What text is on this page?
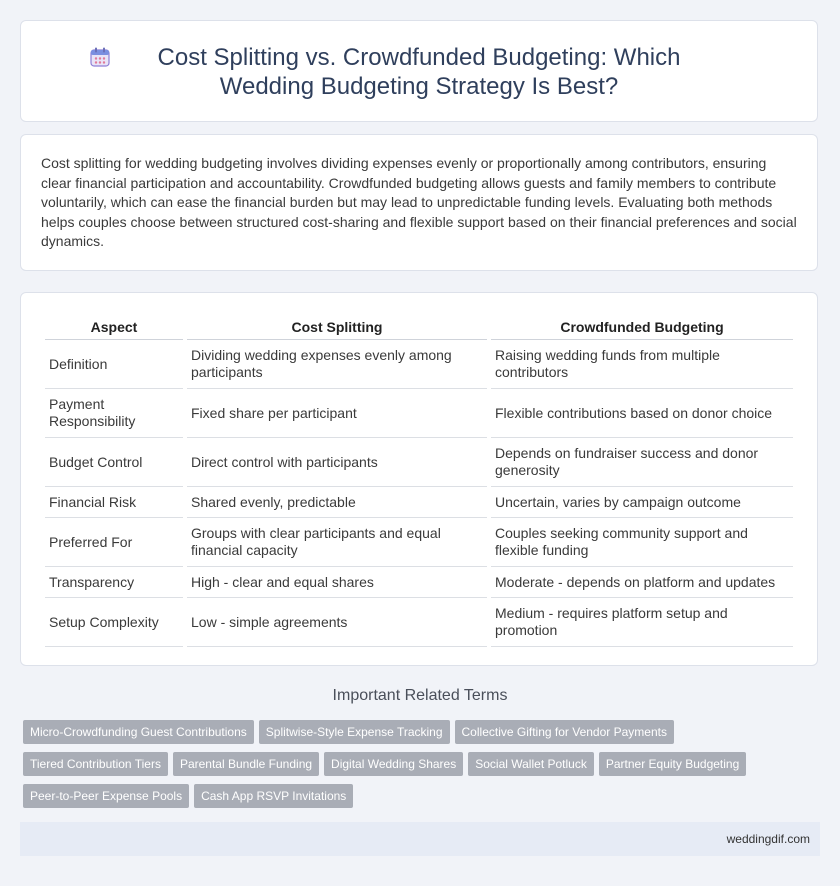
Cost Splitting vs. Crowdfunded Budgeting: Which Wedding Budgeting Strategy Is Best?

Cost splitting for wedding budgeting involves dividing expenses evenly or proportionally among contributors, ensuring clear financial participation and accountability. Crowdfunded budgeting allows guests and family members to contribute voluntarily, which can ease the financial burden but may lead to unpredictable funding levels. Evaluating both methods helps couples choose between structured cost-sharing and flexible support based on their financial preferences and social dynamics.

Aspect	Cost Splitting	Crowdfunded Budgeting
Definition	Dividing wedding expenses evenly among participants	Raising wedding funds from multiple contributors
Payment Responsibility	Fixed share per participant	Flexible contributions based on donor choice
Budget Control	Direct control with participants	Depends on fundraiser success and donor generosity
Financial Risk	Shared evenly, predictable	Uncertain, varies by campaign outcome
Preferred For	Groups with clear participants and equal financial capacity	Couples seeking community support and flexible funding
Transparency	High - clear and equal shares	Moderate - depends on platform and updates
Setup Complexity	Low - simple agreements	Medium - requires platform setup and promotion
Important Related Terms
Micro-Crowdfunding Guest Contributions Splitwise-Style Expense Tracking Collective Gifting for Vendor Payments
Tiered Contribution Tiers Parental Bundle Funding Digital Wedding Shares Social Wallet Potluck Partner Equity Budgeting
Peer-to-Peer Expense Pools Cash App RSVP Invitations
weddingdif.com
